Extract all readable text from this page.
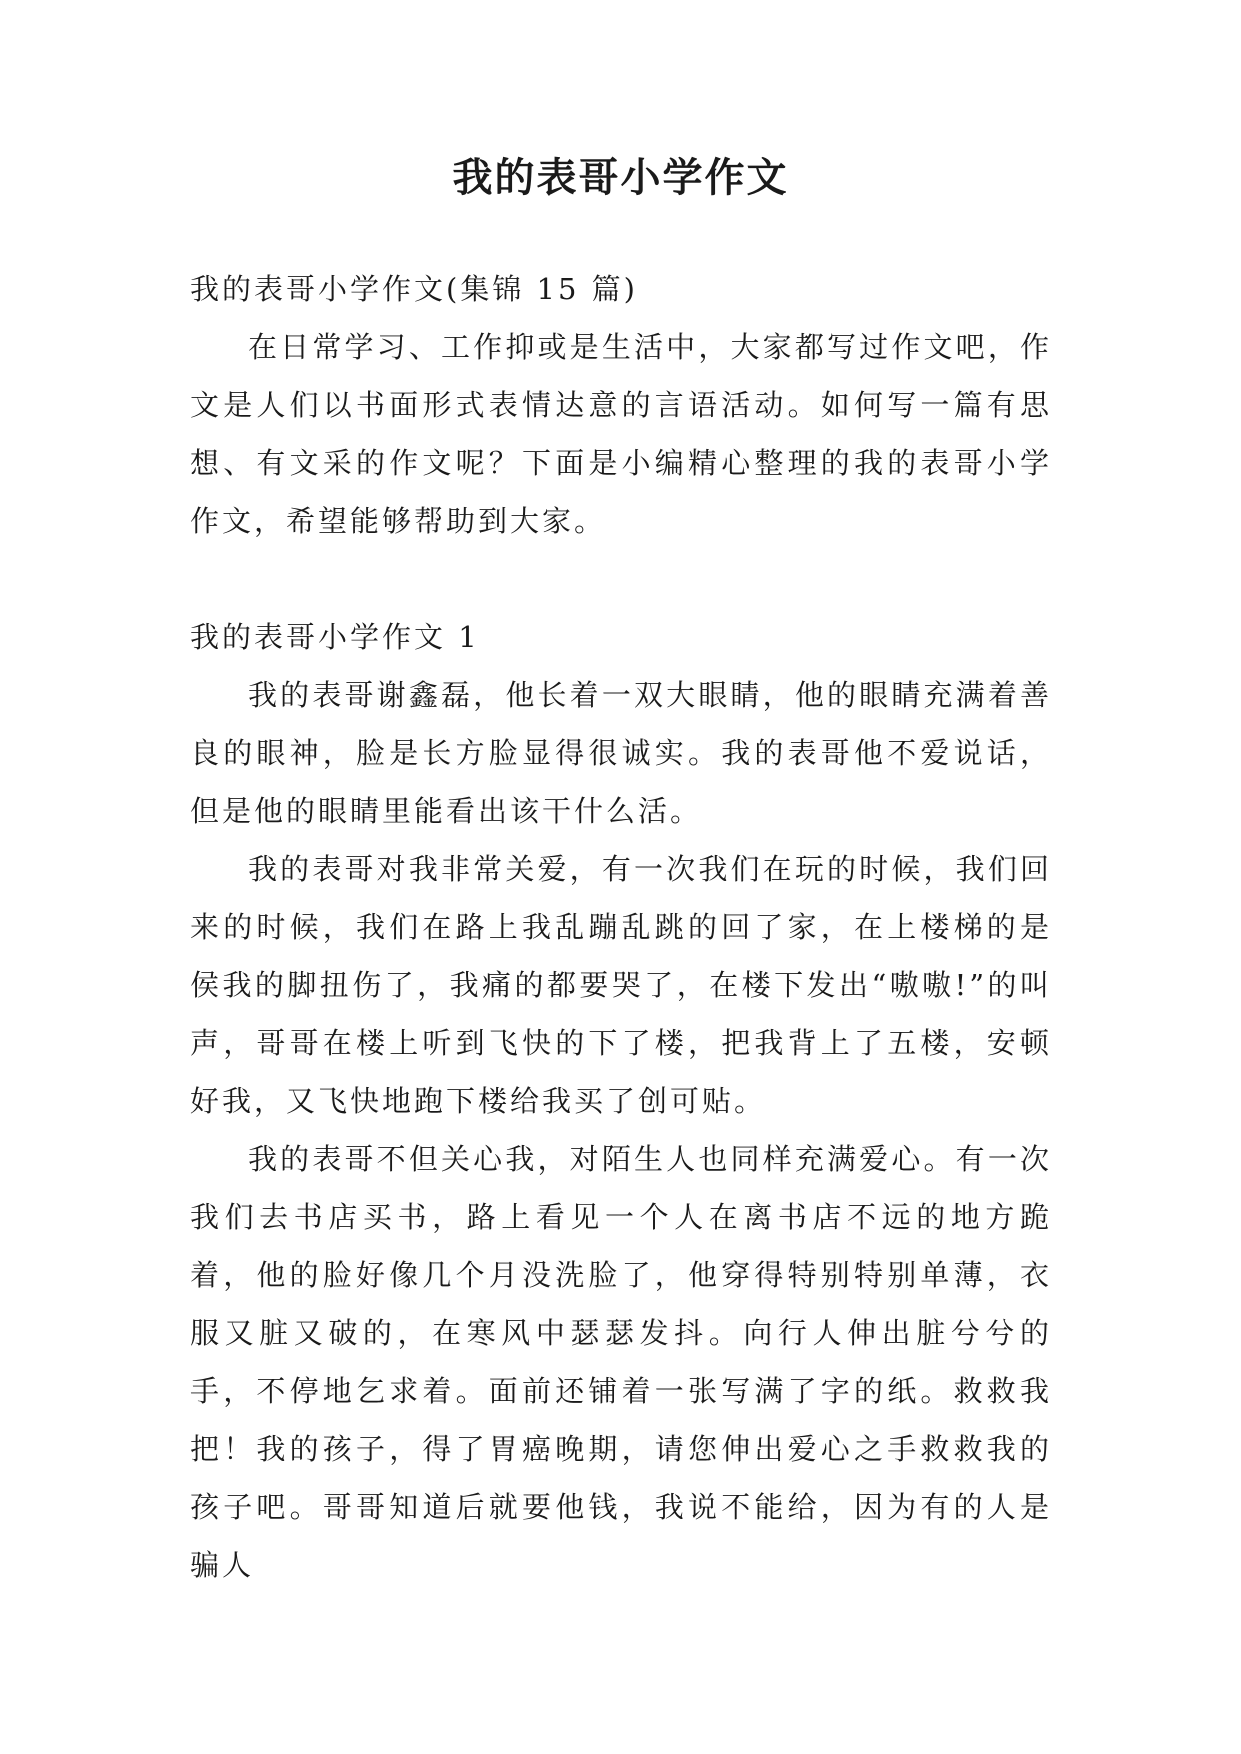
我的表哥小学作文

我的表哥小学作文(集锦 15 篇)

在日常学习、工作抑或是生活中，大家都写过作文吧，作文是人们以书面形式表情达意的言语活动。如何写一篇有思想、有文采的作文呢？下面是小编精心整理的我的表哥小学作文，希望能够帮助到大家。

我的表哥小学作文 1

我的表哥谢鑫磊，他长着一双大眼睛，他的眼睛充满着善良的眼神，脸是长方脸显得很诚实。我的表哥他不爱说话，但是他的眼睛里能看出该干什么活。

我的表哥对我非常关爱，有一次我们在玩的时候，我们回来的时候，我们在路上我乱蹦乱跳的回了家，在上楼梯的是侯我的脚扭伤了，我痛的都要哭了，在楼下发出“嗷嗷!”的叫声，哥哥在楼上听到飞快的下了楼，把我背上了五楼，安顿好我，又飞快地跑下楼给我买了创可贴。

我的表哥不但关心我，对陌生人也同样充满爱心。有一次我们去书店买书，路上看见一个人在离书店不远的地方跪着，他的脸好像几个月没洗脸了，他穿得特别特别单薄，衣服又脏又破的，在寒风中瑟瑟发抖。向行人伸出脏兮兮的手，不停地乞求着。面前还铺着一张写满了字的纸。救救我把！我的孩子，得了胃癌晚期，请您伸出爱心之手救救我的孩子吧。哥哥知道后就要他钱，我说不能给，因为有的人是骗人
